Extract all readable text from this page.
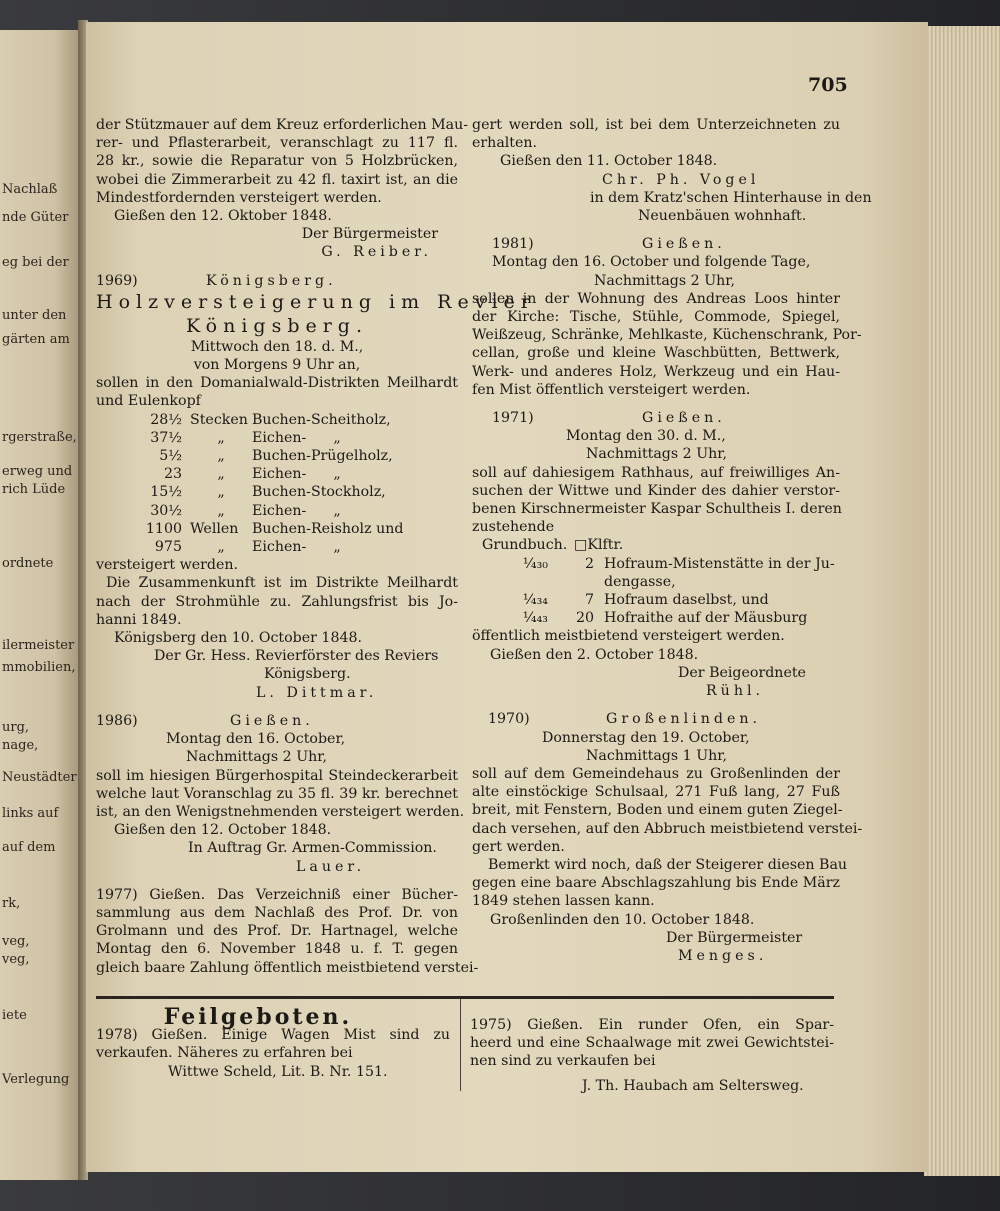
Nachlaß
nde Güter
eg bei der
unter den
gärten am
rgerstraße,
erweg und
rich Lüde
ordnete
ilermeister
mmobilien,
urg,
nage,
Neustädter
links auf
auf dem
rk,
veg,
veg,
iete
Verlegung
705
der Stützmauer auf dem Kreuz erforderlichen Mau-
rer- und Pflasterarbeit, veranschlagt zu 117 fl.
28 kr., sowie die Reparatur von 5 Holzbrücken,
wobei die Zimmerarbeit zu 42 fl. taxirt ist, an die
Mindestfordernden versteigert werden.
Gießen den 12. Oktober 1848.
Der Bürgermeister
G. Reiber.
1969)	Königsberg.
Holzversteigerung im Revier
Königsberg.
Mittwoch den 18. d. M.,
von Morgens 9 Uhr an,
sollen in den Domanialwald-Distrikten Meilhardt
und Eulenkopf
28½ Stecken Buchen-Scheitholz,
37½	„	Eichen-      „
5½	„	Buchen-Prügelholz,
23	„	Eichen-      „
15½	„	Buchen-Stockholz,
30½	„	Eichen-      „
1100 Wellen Buchen-Reisholz und
975	„	Eichen-      „
versteigert werden.
Die Zusammenkunft ist im Distrikte Meilhardt
nach der Strohmühle zu. Zahlungsfrist bis Jo-
hanni 1849.
Königsberg den 10. October 1848.
Der Gr. Hess. Revierförster des Reviers
Königsberg.
L. Dittmar.
1986)	Gießen.
Montag den 16. October,
Nachmittags 2 Uhr,
soll im hiesigen Bürgerhospital Steindeckerarbeit
welche laut Voranschlag zu 35 fl. 39 kr. berechnet
ist, an den Wenigstnehmenden versteigert werden.
Gießen den 12. October 1848.
In Auftrag Gr. Armen-Commission.
Lauer.
1977) Gießen. Das Verzeichniß einer Bücher-
sammlung aus dem Nachlaß des Prof. Dr. von
Grolmann und des Prof. Dr. Hartnagel, welche
Montag den 6. November 1848 u. f. T. gegen
gleich baare Zahlung öffentlich meistbietend verstei-
gert werden soll, ist bei dem Unterzeichneten zu
erhalten.
Gießen den 11. October 1848.
Chr. Ph. Vogel
in dem Kratz'schen Hinterhause in den
Neuenbäuen wohnhaft.
1981)	Gießen.
Montag den 16. October und folgende Tage,
Nachmittags 2 Uhr,
sollen in der Wohnung des Andreas Loos hinter
der Kirche: Tische, Stühle, Commode, Spiegel,
Weißzeug, Schränke, Mehlkaste, Küchenschrank, Por-
cellan, große und kleine Waschbütten, Bettwerk,
Werk- und anderes Holz, Werkzeug und ein Hau-
fen Mist öffentlich versteigert werden.
1971)	Gießen.
Montag den 30. d. M.,
Nachmittags 2 Uhr,
soll auf dahiesigem Rathhaus, auf freiwilliges An-
suchen der Wittwe und Kinder des dahier verstor-
benen Kirschnermeister Kaspar Schultheis I. deren
zustehende
Grundbuch. □Klftr.
¹⁄₄₃₀	2 Hofraum-Mistenstätte in der Ju-
dengasse,
¹⁄₄₃₄	7 Hofraum daselbst, und
¹⁄₄₄₃	20 Hofraithe auf der Mäusburg
öffentlich meistbietend versteigert werden.
Gießen den 2. October 1848.
Der Beigeordnete
Rühl.
1970)	Großenlinden.
Donnerstag den 19. October,
Nachmittags 1 Uhr,
soll auf dem Gemeindehaus zu Großenlinden der
alte einstöckige Schulsaal, 271 Fuß lang, 27 Fuß
breit, mit Fenstern, Boden und einem guten Ziegel-
dach versehen, auf den Abbruch meistbietend verstei-
gert werden.
Bemerkt wird noch, daß der Steigerer diesen Bau
gegen eine baare Abschlagszahlung bis Ende März
1849 stehen lassen kann.
Großenlinden den 10. October 1848.
Der Bürgermeister
Menges.
Feilgeboten.
1978) Gießen. Einige Wagen Mist sind zu
verkaufen. Näheres zu erfahren bei
Wittwe Scheld, Lit. B. Nr. 151.
1975) Gießen. Ein runder Ofen, ein Spar-
heerd und eine Schaalwage mit zwei Gewichtstei-
nen sind zu verkaufen bei
J. Th. Haubach am Seltersweg.
